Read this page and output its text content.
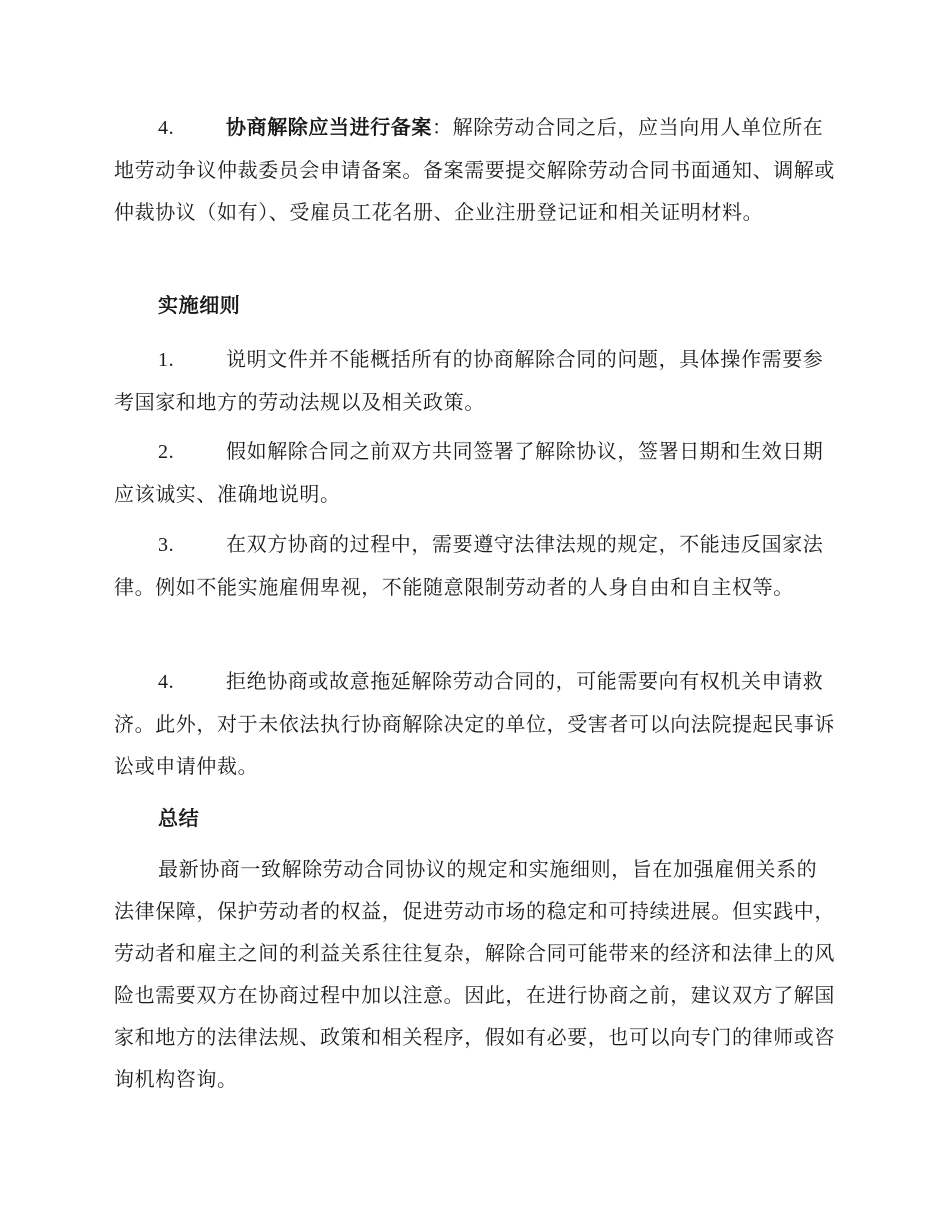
4.	协商解除应当进行备案：解除劳动合同之后，应当向用人单位所在地劳动争议仲裁委员会申请备案。备案需要提交解除劳动合同书面通知、调解或仲裁协议（如有）、受雇员工花名册、企业注册登记证和相关证明材料。
实施细则
1.	说明文件并不能概括所有的协商解除合同的问题，具体操作需要参考国家和地方的劳动法规以及相关政策。
2.	假如解除合同之前双方共同签署了解除协议，签署日期和生效日期应该诚实、准确地说明。
3.	在双方协商的过程中，需要遵守法律法规的规定，不能违反国家法律。例如不能实施雇佣卑视，不能随意限制劳动者的人身自由和自主权等。
4.	拒绝协商或故意拖延解除劳动合同的，可能需要向有权机关申请救济。此外，对于未依法执行协商解除决定的单位，受害者可以向法院提起民事诉讼或申请仲裁。
总结
最新协商一致解除劳动合同协议的规定和实施细则，旨在加强雇佣关系的法律保障，保护劳动者的权益，促进劳动市场的稳定和可持续进展。但实践中，劳动者和雇主之间的利益关系往往复杂，解除合同可能带来的经济和法律上的风险也需要双方在协商过程中加以注意。因此，在进行协商之前，建议双方了解国家和地方的法律法规、政策和相关程序，假如有必要，也可以向专门的律师或咨询机构咨询。
